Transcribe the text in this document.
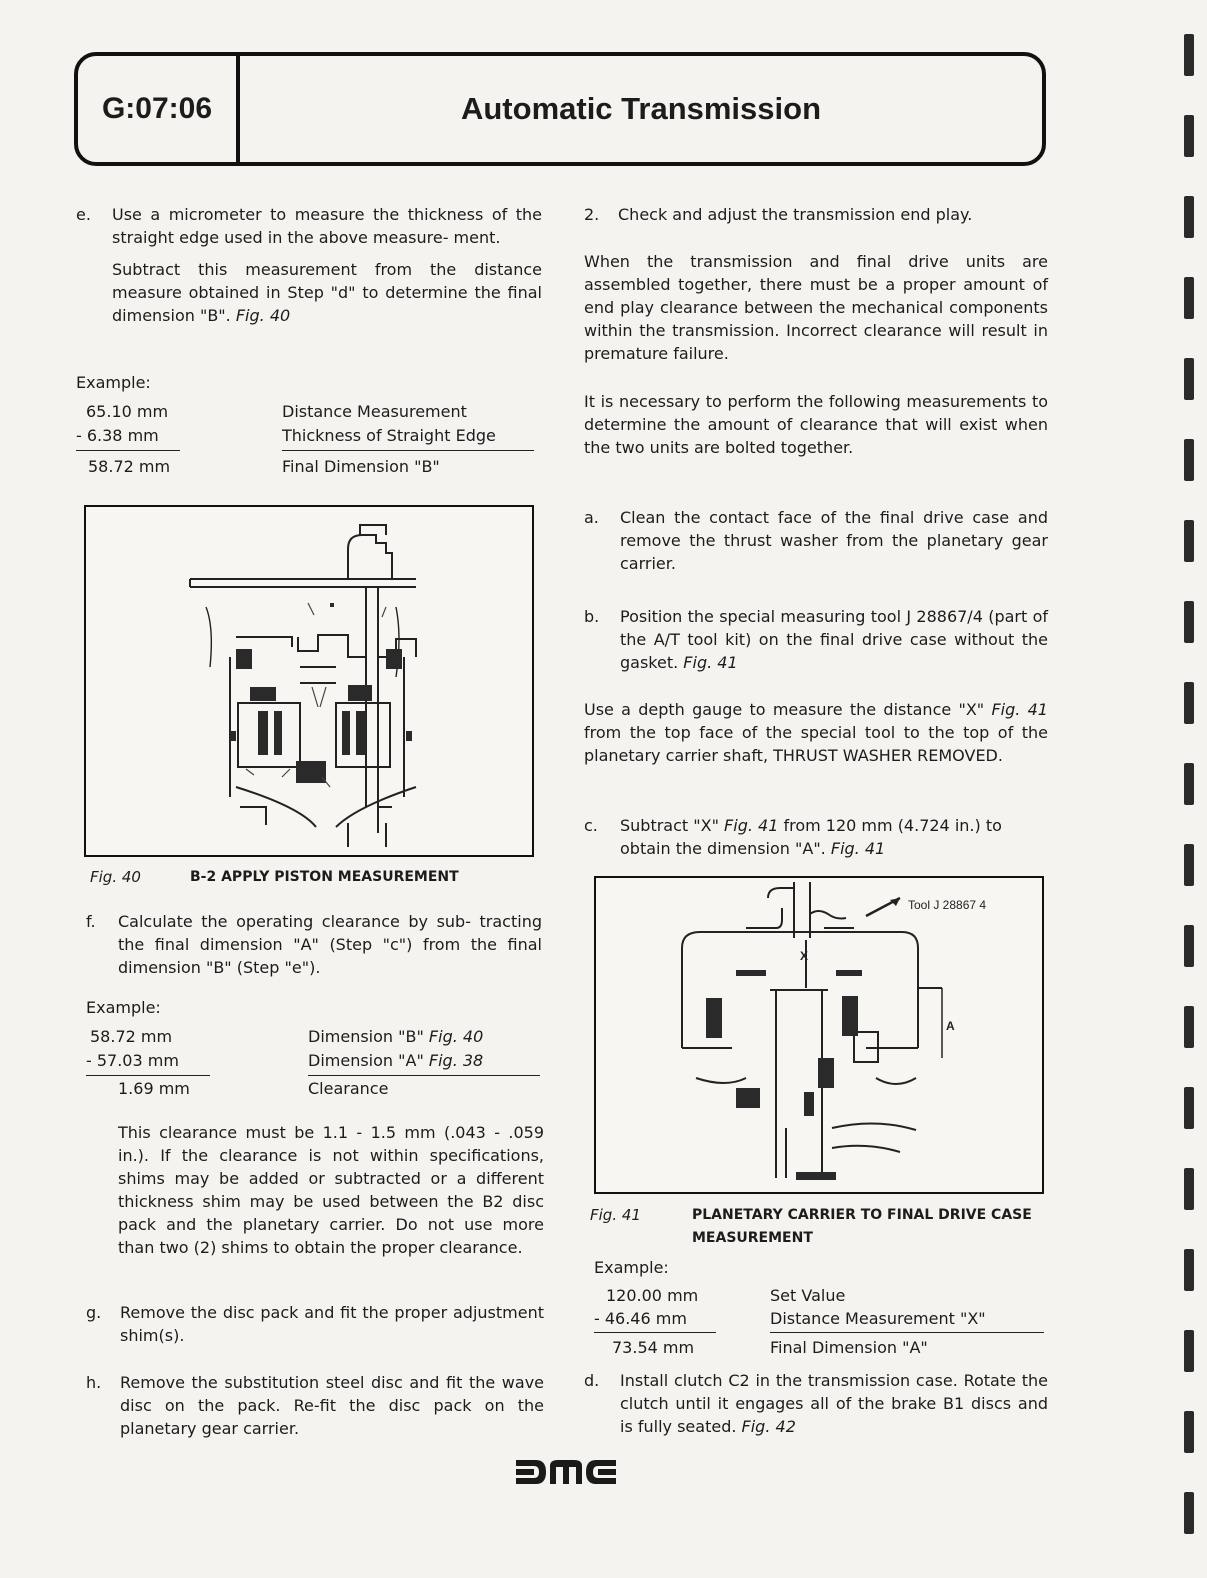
G:07:06	Automatic Transmission
e. Use a micrometer to measure the thickness of the straight edge used in the above measure- ment.

Subtract this measurement from the distance measure obtained in Step "d" to determine the final dimension "B". Fig. 40

Example:
65.10 mm	Distance Measurement
- 6.38 mm	Thickness of Straight Edge
58.72 mm	Final Dimension "B"
Fig. 40	B-2 APPLY PISTON MEASUREMENT
f. Calculate the operating clearance by sub- tracting the final dimension "A" (Step "c") from the final dimension "B" (Step "e").

Example:
58.72 mm	Dimension "B" Fig. 40
- 57.03 mm	Dimension "A" Fig. 38
1.69 mm	Clearance
This clearance must be 1.1 - 1.5 mm (.043 - .059 in.). If the clearance is not within specifications, shims may be added or subtracted or a different thickness shim may be used between the B2 disc pack and the planetary carrier. Do not use more than two (2) shims to obtain the proper clearance.
g. Remove the disc pack and fit the proper adjustment shim(s).

h. Remove the substitution steel disc and fit the wave disc on the pack. Re-fit the disc pack on the planetary gear carrier.

2. Check and adjust the transmission end play.

When the transmission and final drive units are assembled together, there must be a proper amount of end play clearance between the mechanical components within the transmission. Incorrect clearance will result in premature failure.
It is necessary to perform the following measurements to determine the amount of clearance that will exist when the two units are bolted together.
a. Clean the contact face of the final drive case and remove the thrust washer from the planetary gear carrier.

b. Position the special measuring tool J 28867/4 (part of the A/T tool kit) on the final drive case without the gasket. Fig. 41

Use a depth gauge to measure the distance "X" Fig. 41 from the top face of the special tool to the top of the planetary carrier shaft, THRUST WASHER REMOVED.
c. Subtract "X" Fig. 41 from 120 mm (4.724 in.) to obtain the dimension "A". Fig. 41

Tool J 28867 4
X
A
Fig. 41	PLANETARY CARRIER TO FINAL DRIVE CASE MEASUREMENT
Example:
120.00 mm	Set Value
- 46.46 mm	Distance Measurement "X"
73.54 mm	Final Dimension "A"
d. Install clutch C2 in the transmission case. Rotate the clutch until it engages all of the brake B1 discs and is fully seated. Fig. 42
